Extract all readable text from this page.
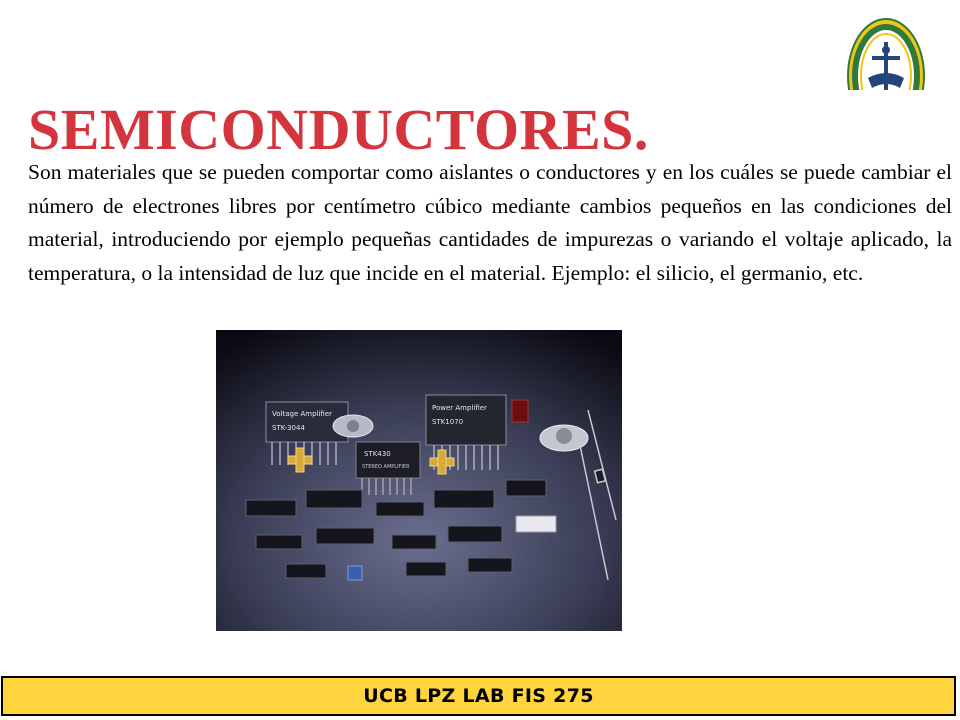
SEMICONDUCTORES.

Son materiales que se pueden comportar como aislantes o conductores y en los cuáles se puede cambiar el número de electrones libres por centímetro cúbico mediante cambios pequeños en las condiciones del material, introduciendo por ejemplo pequeñas cantidades de impurezas o variando el voltaje aplicado, la temperatura, o la intensidad de luz que incide en el material. Ejemplo: el silicio, el germanio, etc.

Voltage Amplifier
STK-3044
Power Amplifier
STK1070
STK430
STEREO AMPLIFIER
UCB LPZ LAB FIS 275
